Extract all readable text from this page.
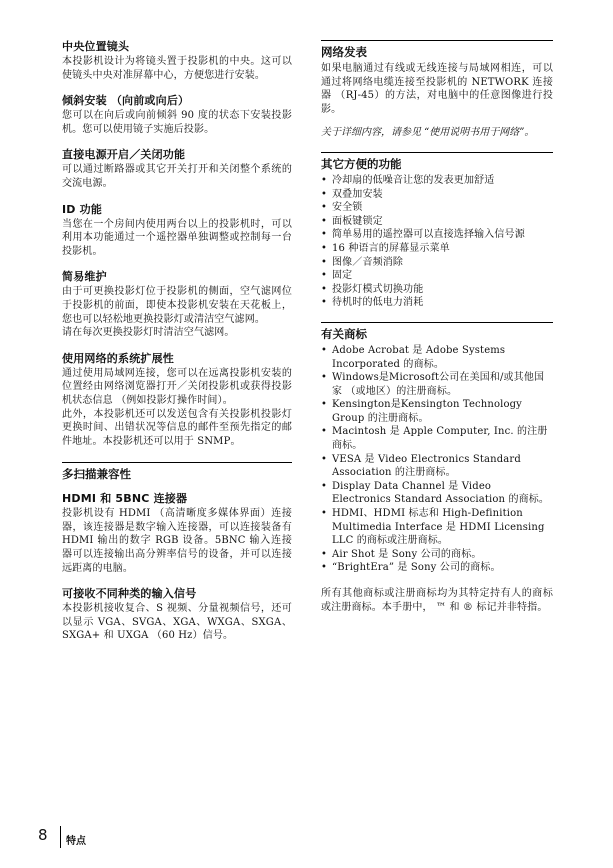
中央位置镜头

本投影机设计为将镜头置于投影机的中央。这可以使镜头中央对准屏幕中心，方便您进行安装。

倾斜安装 （向前或向后）

您可以在向后或向前倾斜 90 度的状态下安装投影机。您可以使用镜子实施后投影。

直接电源开启／关闭功能

可以通过断路器或其它开关打开和关闭整个系统的交流电源。

ID 功能

当您在一个房间内使用两台以上的投影机时，可以利用本功能通过一个遥控器单独调整或控制每一台投影机。

简易维护

由于可更换投影灯位于投影机的侧面，空气滤网位于投影机的前面，即使本投影机安装在天花板上，您也可以轻松地更换投影灯或清洁空气滤网。

请在每次更换投影灯时清洁空气滤网。

使用网络的系统扩展性

通过使用局域网连接，您可以在远离投影机安装的位置经由网络浏览器打开／关闭投影机或获得投影机状态信息 （例如投影灯操作时间）。

此外，本投影机还可以发送包含有关投影机投影灯更换时间、出错状况等信息的邮件至预先指定的邮件地址。本投影机还可以用于 SNMP。

多扫描兼容性
HDMI 和 5BNC 连接器

投影机设有 HDMI （高清晰度多媒体界面）连接器，该连接器是数字输入连接器，可以连接装备有 HDMI 输出的数字 RGB 设备。5BNC 输入连接器可以连接输出高分辨率信号的设备，并可以连接远距离的电脑。

可接收不同种类的输入信号

本投影机接收复合、S 视频、分量视频信号，还可以显示 VGA、SVGA、XGA、WXGA、SXGA、SXGA+ 和 UXGA （60 Hz）信号。

网络发表

如果电脑通过有线或无线连接与局域网相连，可以通过将网络电缆连接至投影机的 NETWORK 连接器 （RJ-45）的方法，对电脑中的任意图像进行投影。

关于详细内容，请参见 “使用说明书用于网络”。

其它方便的功能
• 冷却扇的低噪音让您的发表更加舒适
• 双叠加安装
• 安全锁
• 面板键锁定
• 简单易用的遥控器可以直接选择输入信号源
• 16 种语言的屏幕显示菜单
• 图像／音频消除
• 固定
• 投影灯模式切换功能
• 待机时的低电力消耗
有关商标
• Adobe Acrobat 是 Adobe Systems Incorporated 的商标。
• Windows是Microsoft公司在美国和/或其他国家 （或地区）的注册商标。
• Kensington是Kensington Technology Group 的注册商标。
• Macintosh 是 Apple Computer, Inc. 的注册商标。
• VESA 是 Video Electronics Standard Association 的注册商标。
• Display Data Channel 是 Video Electronics Standard Association 的商标。
• HDMI、HDMI 标志和 High-Definition Multimedia Interface 是 HDMI Licensing LLC 的商标或注册商标。
• Air Shot 是 Sony 公司的商标。
• “BrightEra” 是 Sony 公司的商标。

所有其他商标或注册商标均为其特定持有人的商标或注册商标。本手册中， ™ 和 ® 标记并非特指。

8 特点
